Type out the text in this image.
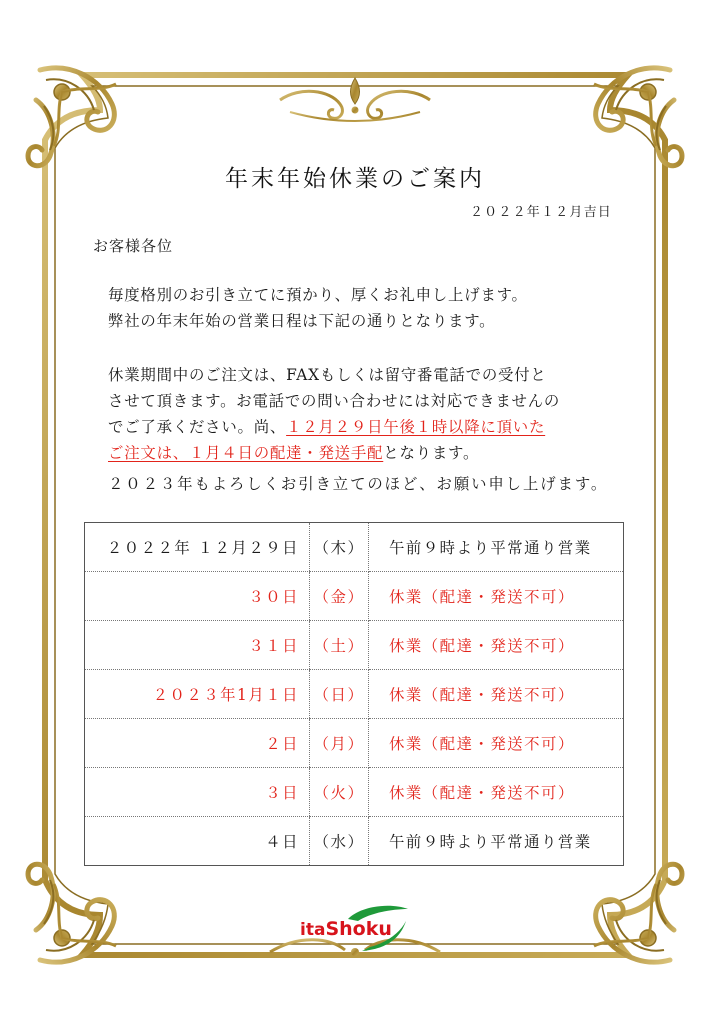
年末年始休業のご案内
２０２２年１２月吉日
お客様各位

毎度格別のお引き立てに預かり、厚くお礼申し上げます。

弊社の年末年始の営業日程は下記の通りとなります。

休業期間中のご注文は、FAXもしくは留守番電話での受付と

させて頂きます。お電話での問い合わせには対応できませんの

でご了承ください。尚、１２月２９日午後１時以降に頂いた

ご注文は、１月４日の配達・発送手配となります。

２０２３年もよろしくお引き立てのほど、お願い申し上げます。
２０２２年 １２月２９日	（木）	午前９時より平常通り営業
３０日	（金）	休業（配達・発送不可）
３１日	（土）	休業（配達・発送不可）
２０２３年1月１日	（日）	休業（配達・発送不可）
２日	（月）	休業（配達・発送不可）
３日	（火）	休業（配達・発送不可）
４日	（水）	午前９時より平常通り営業
itaShoku
